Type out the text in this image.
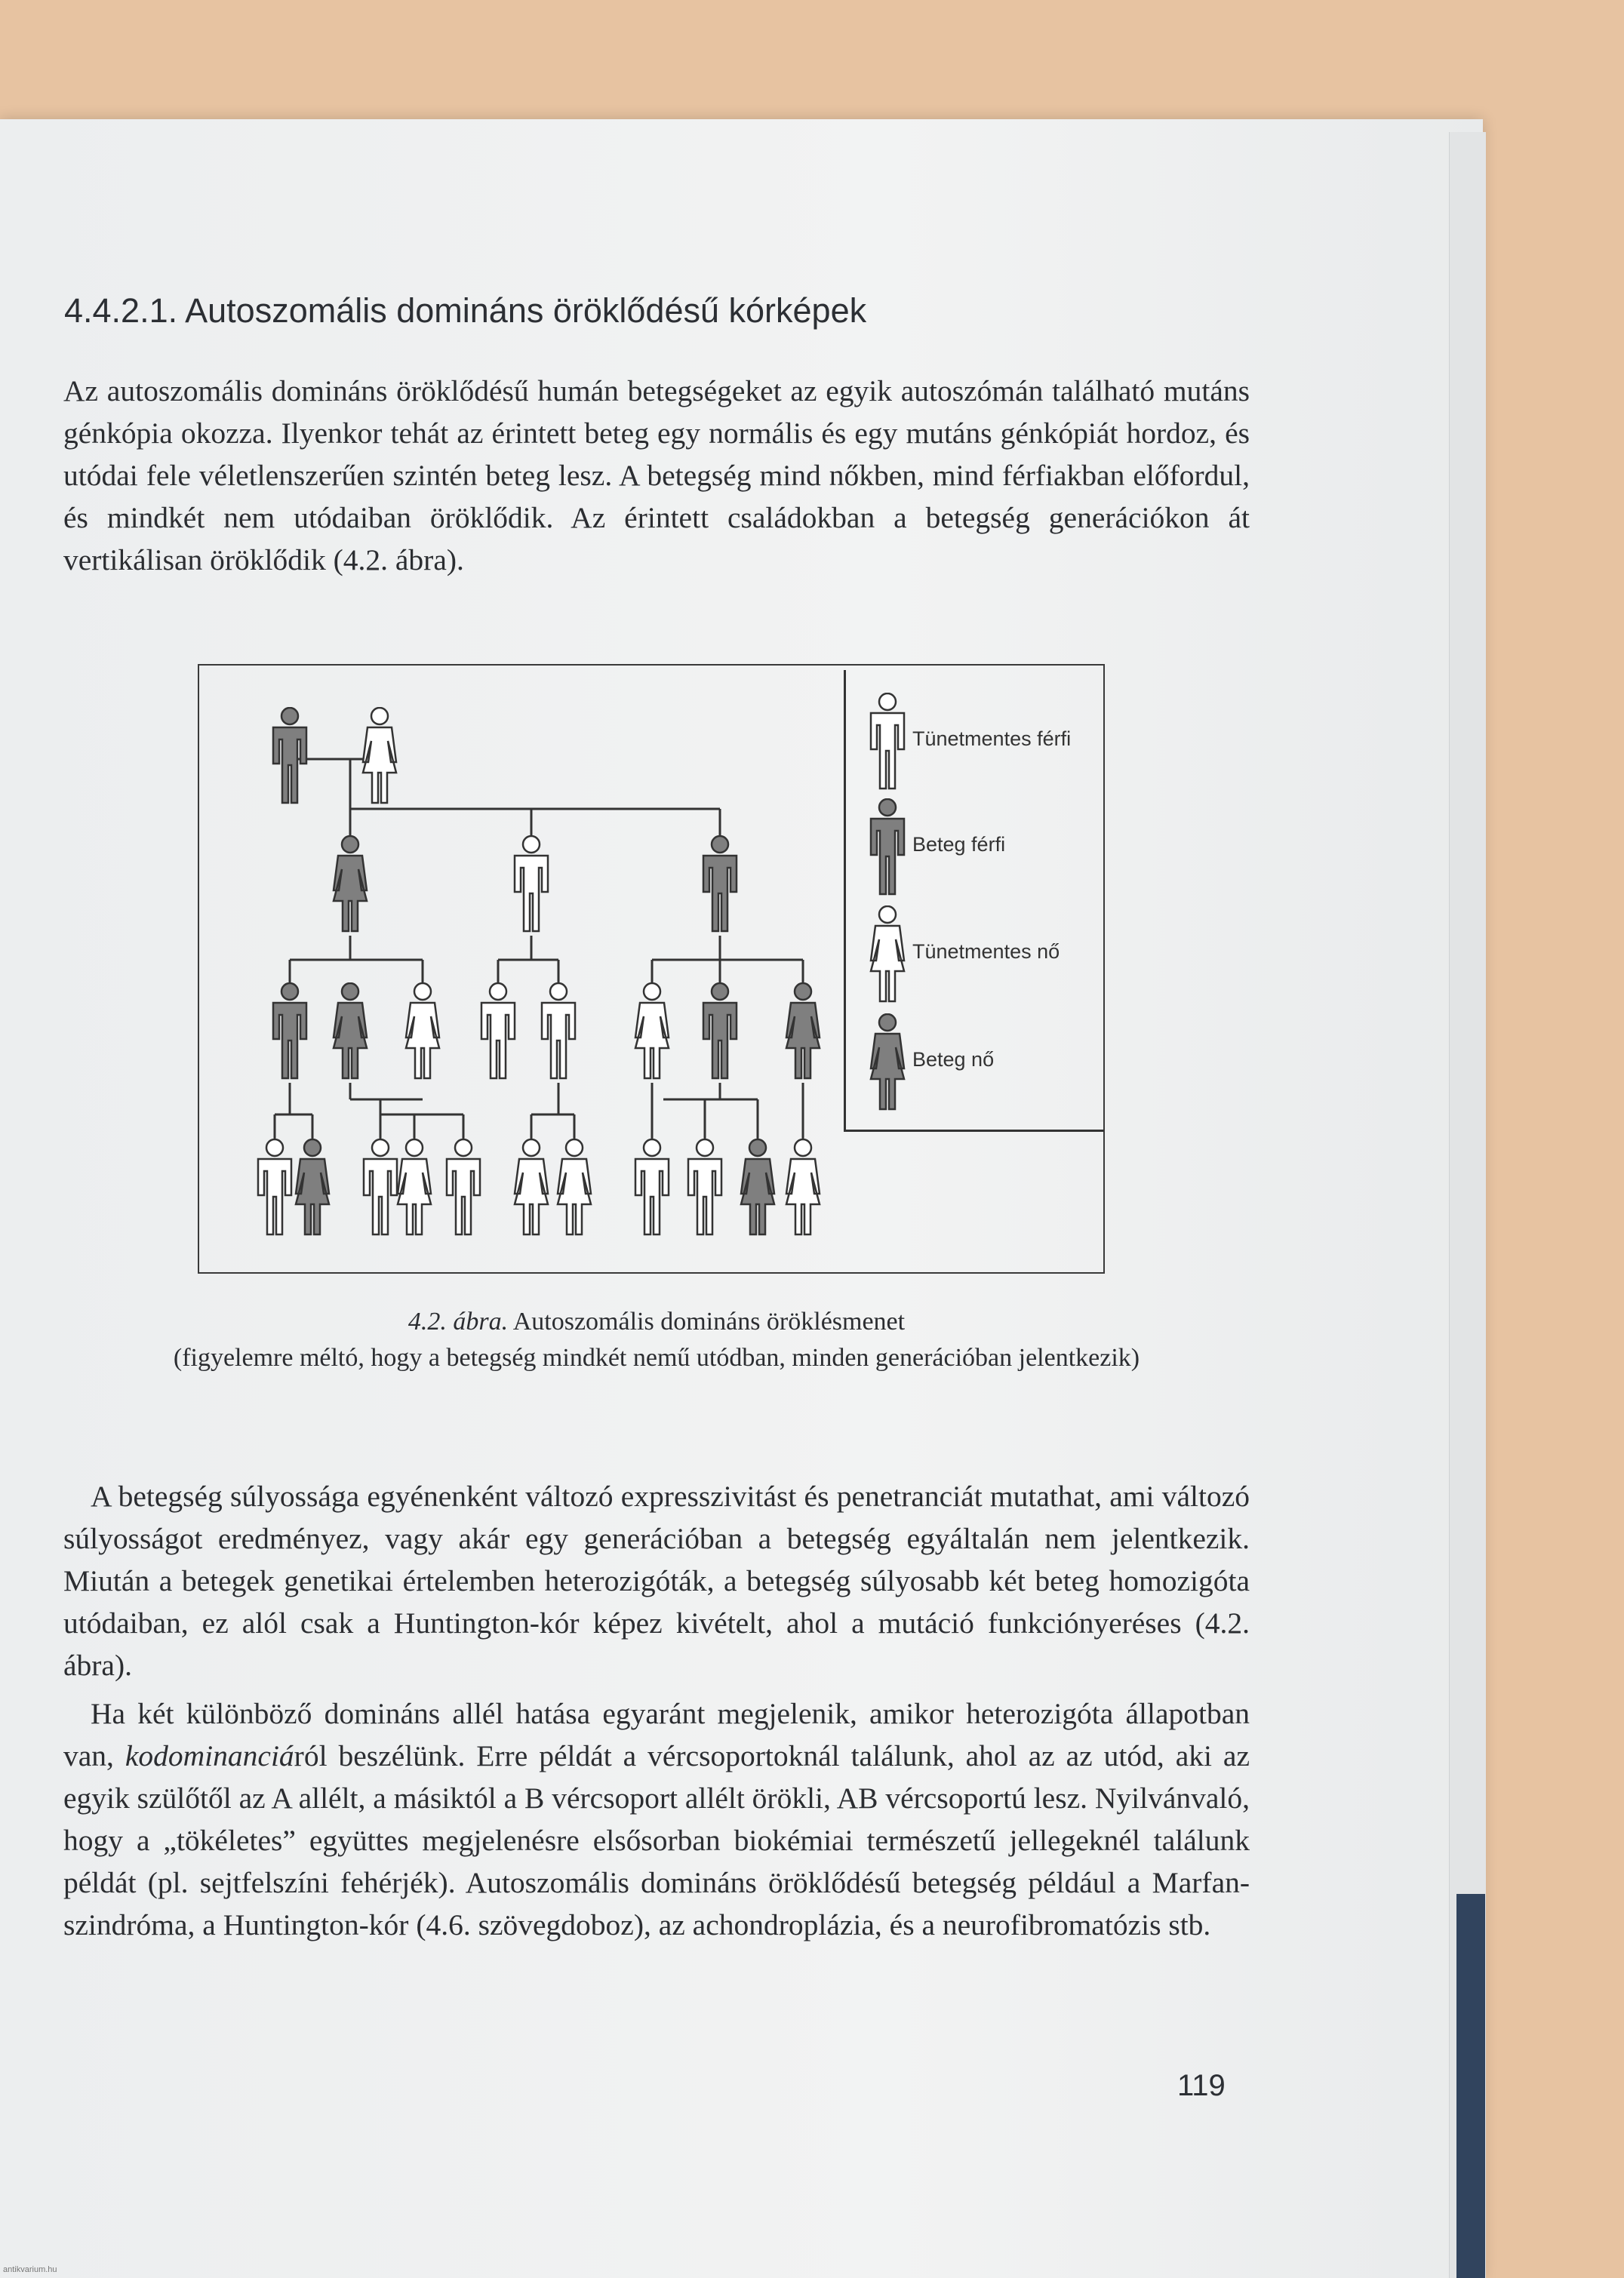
4.4.2.1. Autoszomális domináns öröklődésű kórképek

Az autoszomális domináns öröklődésű humán betegségeket az egyik autoszómán található mutáns génkópia okozza. Ilyenkor tehát az érintett beteg egy normális és egy mutáns génkópiát hordoz, és utódai fele véletlenszerűen szintén beteg lesz. A betegség mind nőkben, mind férfiakban előfordul, és mindkét nem utódaiban öröklődik. Az érintett családokban a betegség generációkon át vertikálisan öröklődik (4.2. ábra).

Tünetmentes férfi
Beteg férfi
Tünetmentes nő
Beteg nő
4.2. ábra. Autoszomális domináns öröklésmenet
(figyelemre méltó, hogy a betegség mindkét nemű utódban, minden generációban jelentkezik)

A betegség súlyossága egyénenként változó expresszivitást és penetranciát mutathat, ami változó súlyosságot eredményez, vagy akár egy generációban a betegség egyáltalán nem jelentkezik. Miután a betegek genetikai értelemben heterozigóták, a betegség súlyosabb két beteg homozigóta utódaiban, ez alól csak a Huntington-kór képez kivételt, ahol a mutáció funkciónyeréses (4.2. ábra).

Ha két különböző domináns allél hatása egyaránt megjelenik, amikor heterozigóta állapotban van, kodominanciáról beszélünk. Erre példát a vércsoportoknál találunk, ahol az az utód, aki az egyik szülőtől az A allélt, a másiktól a B vércsoport allélt örökli, AB vércsoportú lesz. Nyilvánvaló, hogy a „tökéletes” együttes megjelenésre elsősorban biokémiai természetű jellegeknél találunk példát (pl. sejtfelszíni fehérjék). Autoszomális domináns öröklődésű betegség például a Marfan-szindróma, a Huntington-kór (4.6. szövegdoboz), az achondroplázia, és a neurofibromatózis stb.

119
antikvarium.hu
